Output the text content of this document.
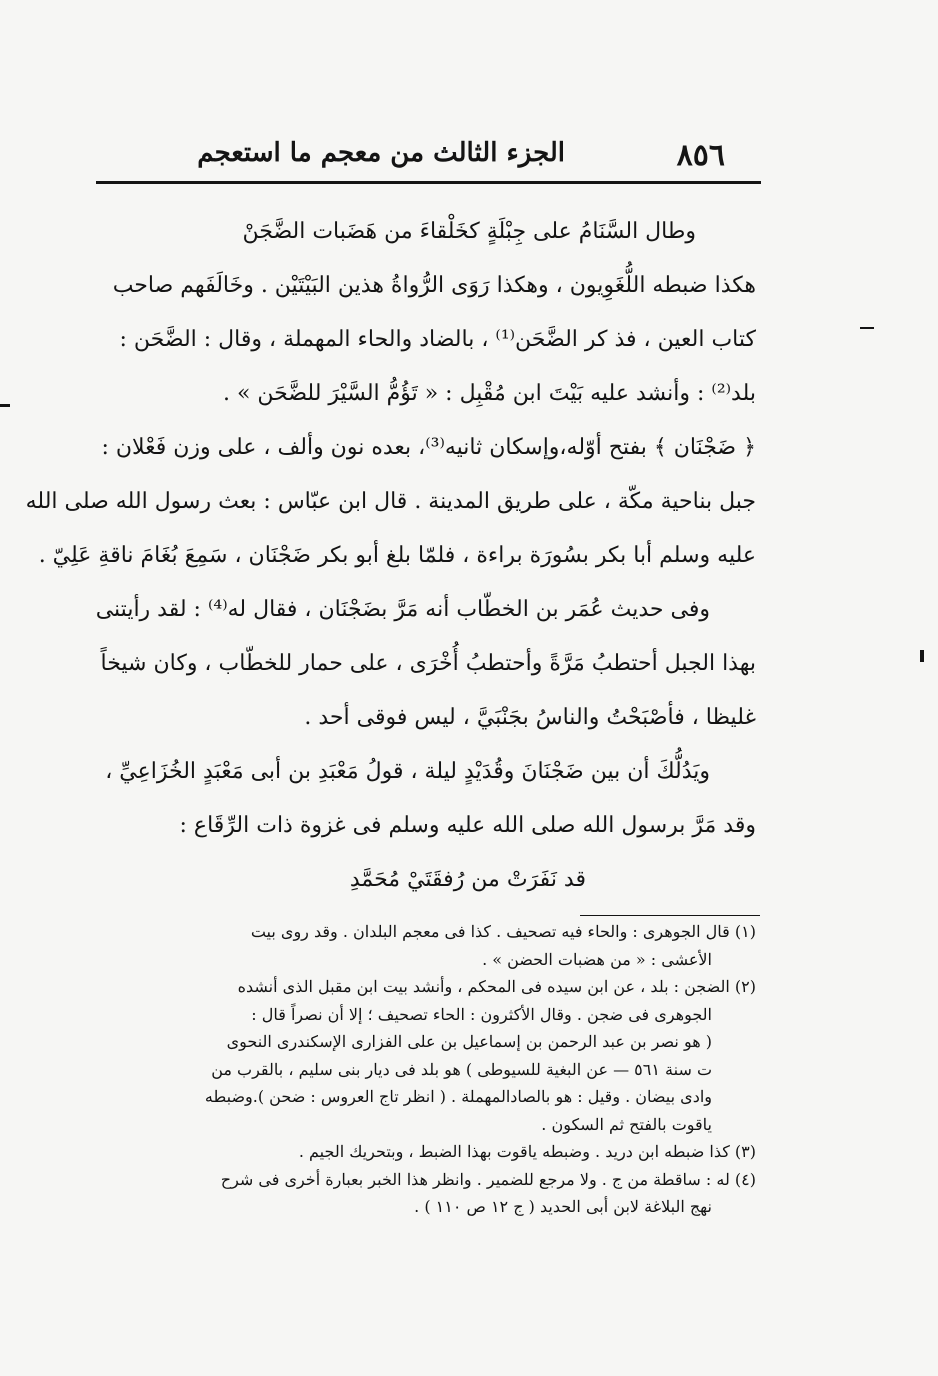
٨٥٦
الجزء الثالث من معجم ما استعجم
وطال السَّنَامُ على جِبْلَةٍ كخَلْقاءَ من هَضَبات الضَّجَنْ
هكذا ضبطه اللُّغَوِيون ، وهكذا رَوَى الرُّواةُ هذين البَيْتَيْن . وخَالَفَهم صاحب
كتاب العين ، فذ كر الضَّحَن⁽¹⁾ ، بالضاد والحاء المهملة ، وقال : الضَّحَن :
بلد⁽²⁾ : وأنشد عليه بَيْتَ ابن مُقْبِل : « تَؤُمُّ السَّيْرَ للضَّحَن » .
﴿ ضَجْنَان ﴾ بفتح أوّله،وإسكان ثانيه⁽³⁾، بعده نون وألف ، على وزن فَعْلان :
جبل بناحية مكّة ، على طريق المدينة . قال ابن عبّاس : بعث رسول الله صلى الله
عليه وسلم أبا بكر بسُورَة براءة ، فلمّا بلغ أبو بكر ضَجْنَان ، سَمِعَ بُغَامَ ناقةِ عَلِيّ .
وفى حديث عُمَر بن الخطّاب أنه مَرَّ بضَجْنَان ، فقال له⁽⁴⁾ : لقد رأيتنى
بهذا الجبل أحتطبُ مَرَّةً وأحتطبُ أُخْرَى ، على حمار للخطّاب ، وكان شيخاً
غليظا ، فأصْبَحْتُ والناسُ بجَنْبَيَّ ، ليس فوقى أحد .
ويَدُلُّكَ أن بين ضَجْنَانَ وقُدَيْدٍ ليلة ، قولُ مَعْبَدِ بن أبى مَعْبَدٍ الخُزَاعِيِّ ،
وقد مَرَّ برسول الله صلى الله عليه وسلم فى غزوة ذات الرِّقَاع :
قد نَفَرَتْ من رُفقَتَيْ مُحَمَّدِ
(١) قال الجوهرى : والحاء فيه تصحيف . كذا فى معجم البلدان . وقد روى بيت
الأعشى : « من هضبات الحضن » .
(٢) الضجن : بلد ، عن ابن سيده فى المحكم ، وأنشد بيت ابن مقبل الذى أنشده
الجوهرى فى ضجن . وقال الأكثرون : الحاء تصحيف ؛ إلا أن نصراً قال :
( هو نصر بن عبد الرحمن بن إسماعيل بن على الفزارى الإسكندرى النحوى
ت سنة ٥٦١ — عن البغية للسيوطى ) هو بلد فى ديار بنى سليم ، بالقرب من
وادى بيضان . وقيل : هو بالصادالمهملة . ( انظر تاج العروس : ضحن ).وضبطه
ياقوت بالفتح ثم السكون .
(٣) كذا ضبطه ابن دريد . وضبطه ياقوت بهذا الضبط ، وبتحريك الجيم .
(٤) له : ساقطة من ج . ولا مرجع للضمير . وانظر هذا الخبر بعبارة أخرى فى شرح
نهج البلاغة لابن أبى الحديد ( ج ١٢ ص ١١٠ ) .
